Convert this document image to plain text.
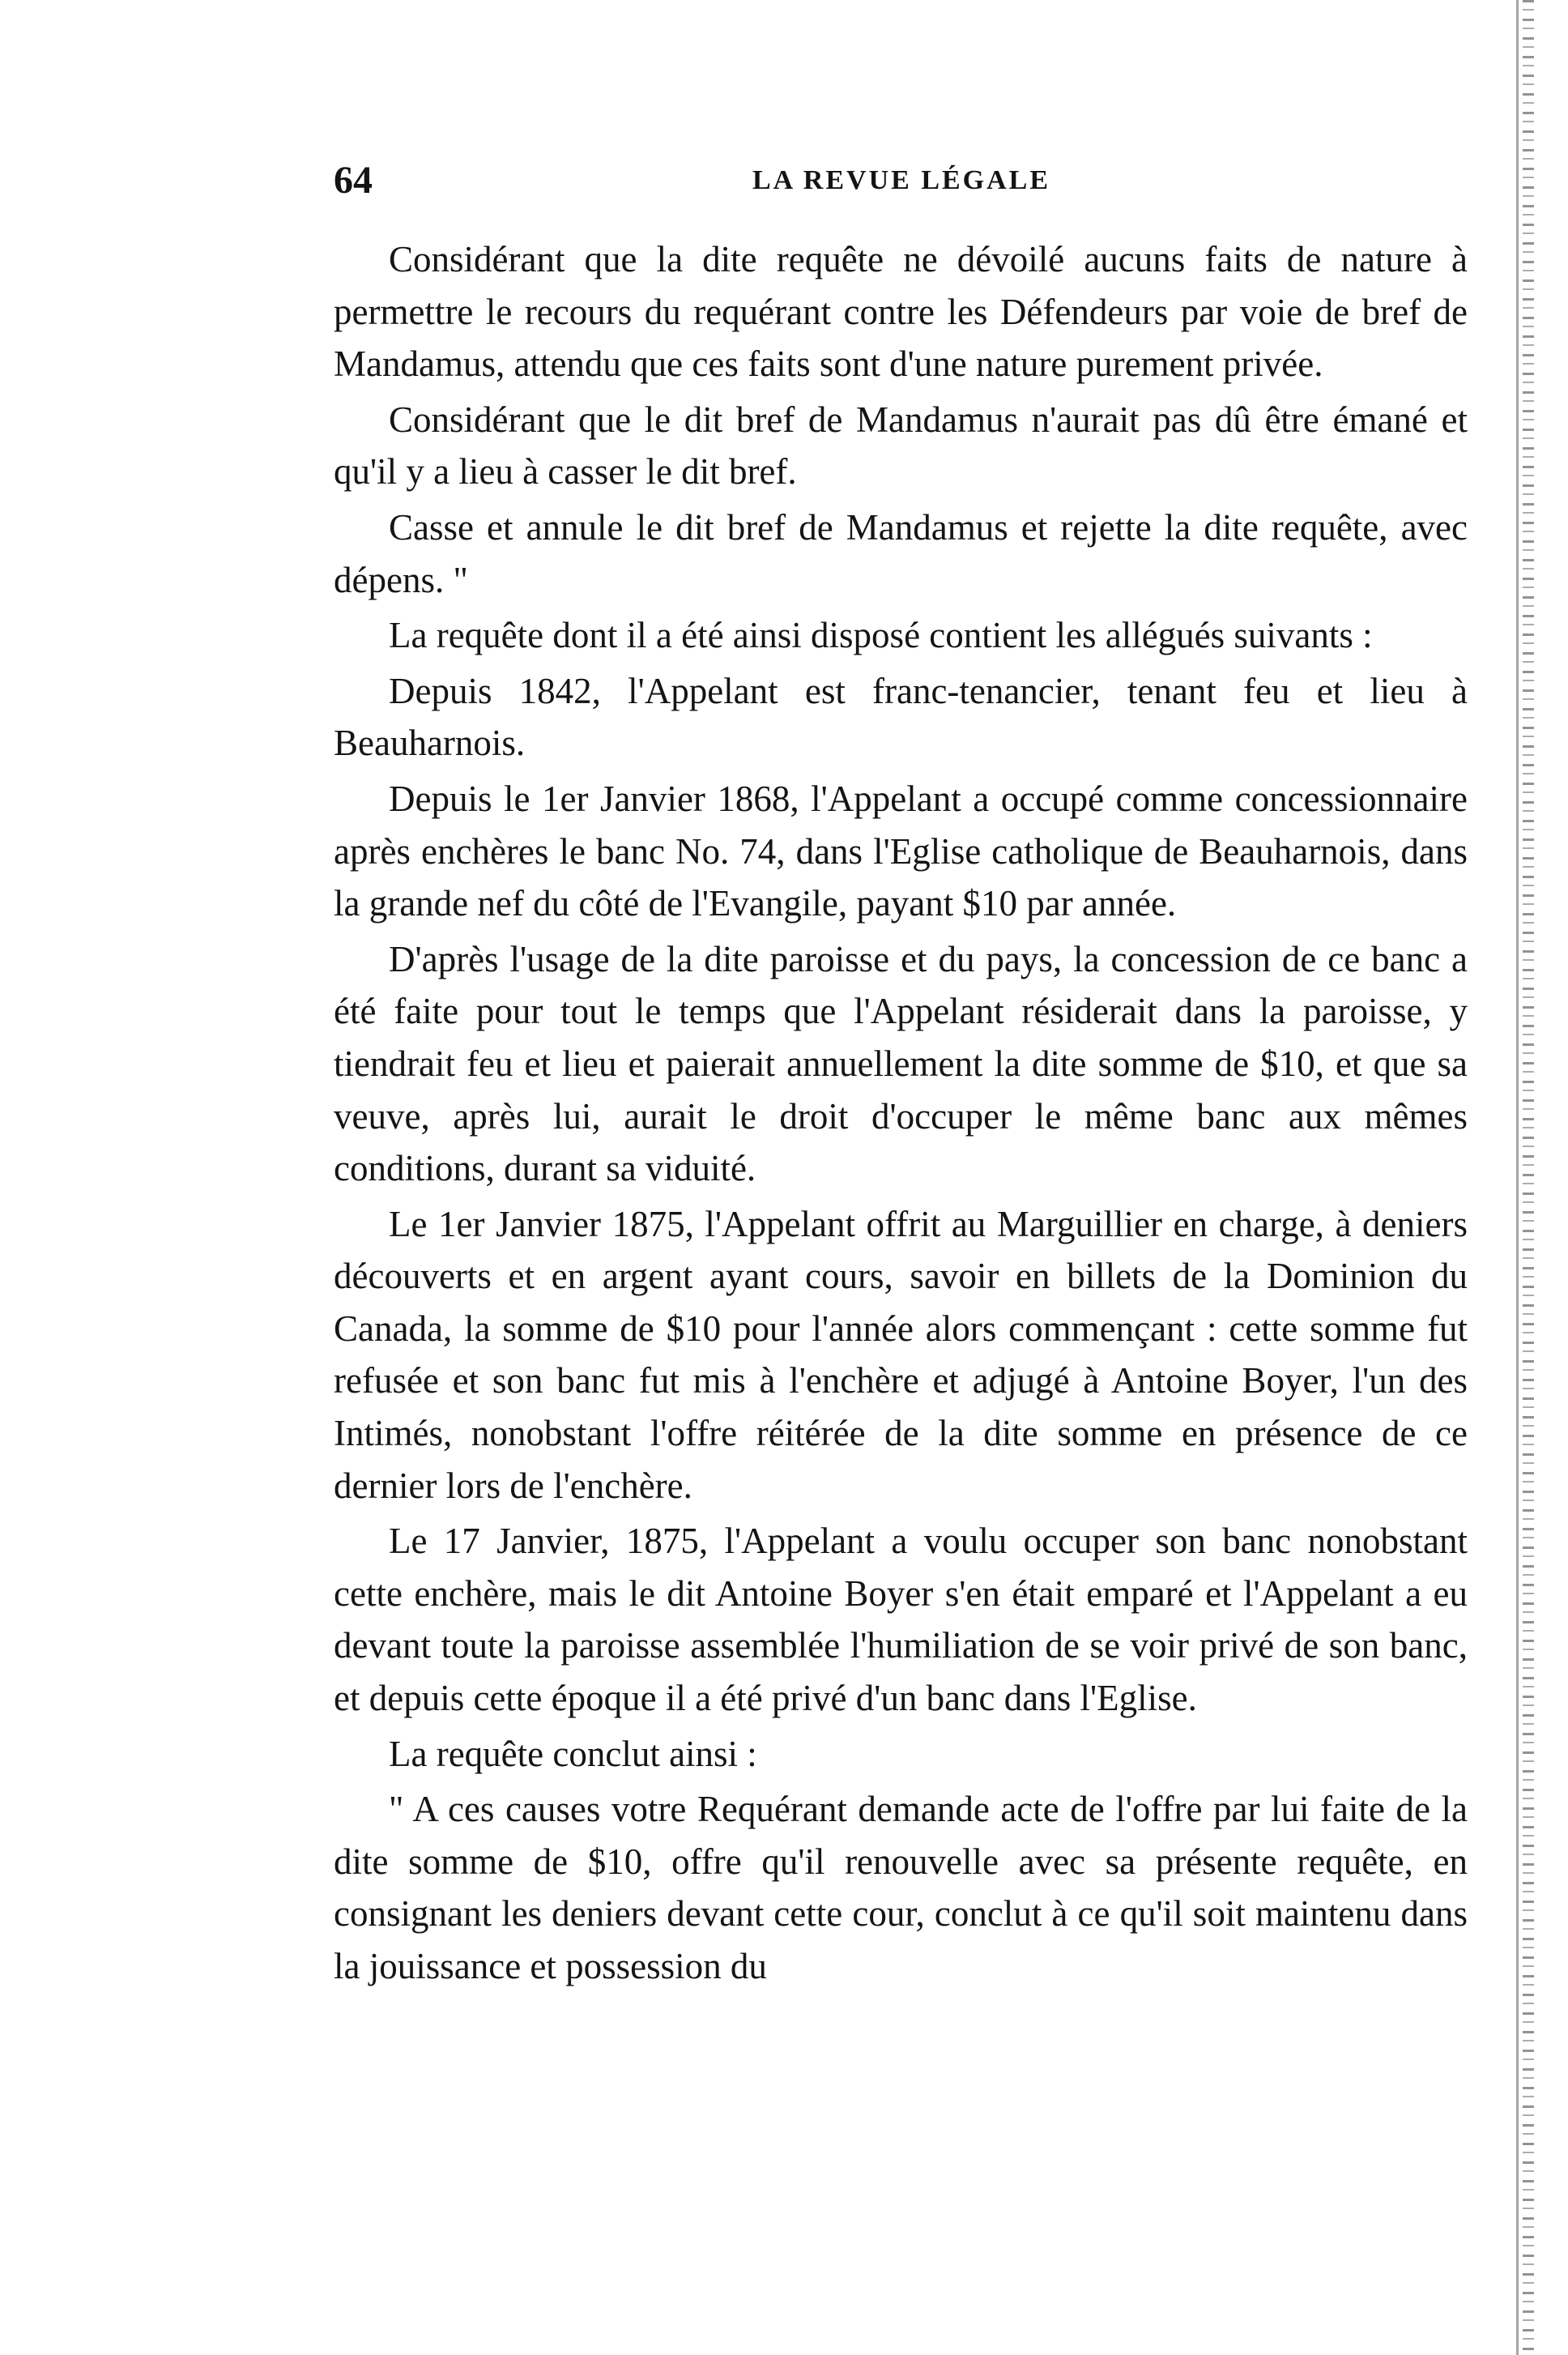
64	LA REVUE LÉGALE

Considérant que la dite requête ne dévoilé aucuns faits de nature à permettre le recours du requérant contre les Défendeurs par voie de bref de Mandamus, attendu que ces faits sont d'une nature purement privée.

Considérant que le dit bref de Mandamus n'aurait pas dû être émané et qu'il y a lieu à casser le dit bref.

Casse et annule le dit bref de Mandamus et rejette la dite requête, avec dépens. "

La requête dont il a été ainsi disposé contient les allégués suivants :

Depuis 1842, l'Appelant est franc-tenancier, tenant feu et lieu à Beauharnois.

Depuis le 1er Janvier 1868, l'Appelant a occupé comme concessionnaire après enchères le banc No. 74, dans l'Eglise catholique de Beauharnois, dans la grande nef du côté de l'Evangile, payant $10 par année.

D'après l'usage de la dite paroisse et du pays, la concession de ce banc a été faite pour tout le temps que l'Appelant résiderait dans la paroisse, y tiendrait feu et lieu et paierait annuellement la dite somme de $10, et que sa veuve, après lui, aurait le droit d'occuper le même banc aux mêmes conditions, durant sa viduité.

Le 1er Janvier 1875, l'Appelant offrit au Marguillier en charge, à deniers découverts et en argent ayant cours, savoir en billets de la Dominion du Canada, la somme de $10 pour l'année alors commençant : cette somme fut refusée et son banc fut mis à l'enchère et adjugé à Antoine Boyer, l'un des Intimés, nonobstant l'offre réitérée de la dite somme en présence de ce dernier lors de l'enchère.

Le 17 Janvier, 1875, l'Appelant a voulu occuper son banc nonobstant cette enchère, mais le dit Antoine Boyer s'en était emparé et l'Appelant a eu devant toute la paroisse assemblée l'humiliation de se voir privé de son banc, et depuis cette époque il a été privé d'un banc dans l'Eglise.

La requête conclut ainsi :

" A ces causes votre Requérant demande acte de l'offre par lui faite de la dite somme de $10, offre qu'il renouvelle avec sa présente requête, en consignant les deniers devant cette cour, conclut à ce qu'il soit maintenu dans la jouissance et possession du
